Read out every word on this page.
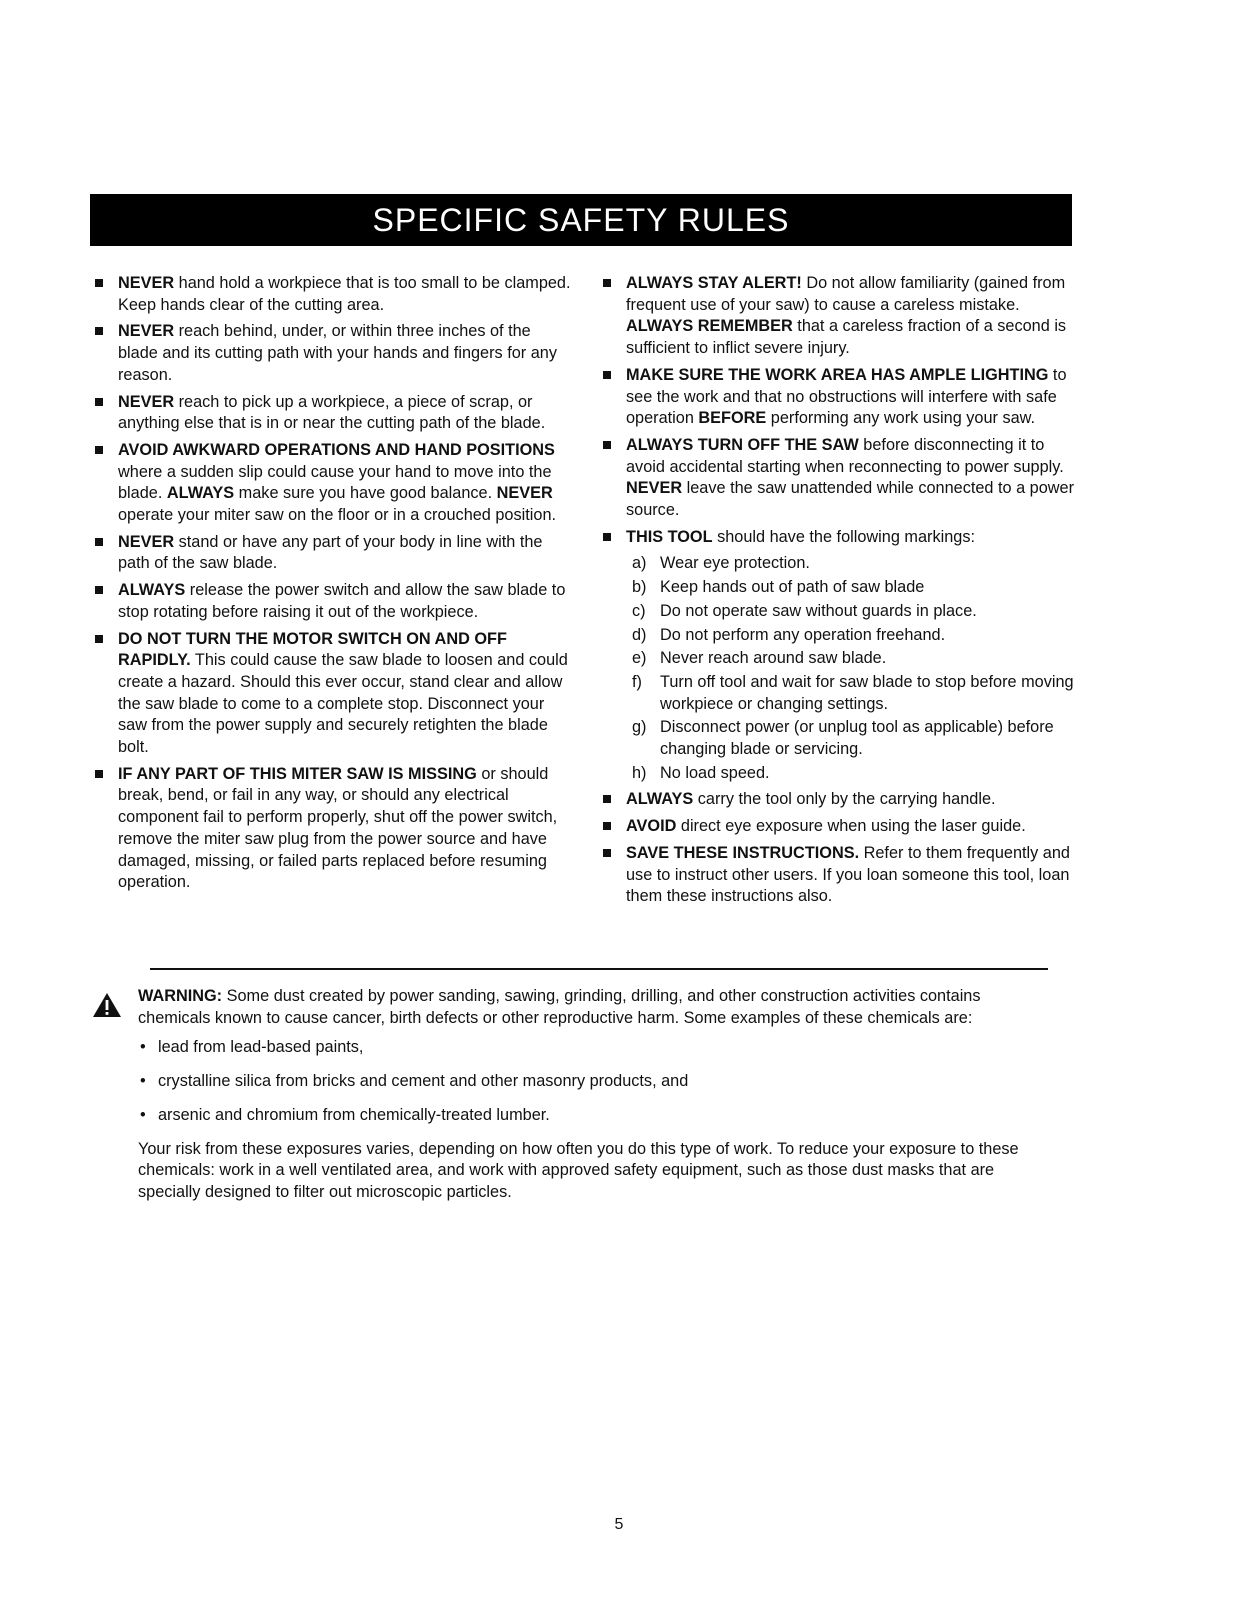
SPECIFIC SAFETY RULES
NEVER hand hold a workpiece that is too small to be clamped. Keep hands clear of the cutting area.
NEVER reach behind, under, or within three inches of the blade and its cutting path with your hands and fingers for any reason.
NEVER reach to pick up a workpiece, a piece of scrap, or anything else that is in or near the cutting path of the blade.
AVOID AWKWARD OPERATIONS AND HAND POSITIONS where a sudden slip could cause your hand to move into the blade. ALWAYS make sure you have good balance. NEVER operate your miter saw on the floor or in a crouched position.
NEVER stand or have any part of your body in line with the path of the saw blade.
ALWAYS release the power switch and allow the saw blade to stop rotating before raising it out of the workpiece.
DO NOT TURN THE MOTOR SWITCH ON AND OFF RAPIDLY. This could cause the saw blade to loosen and could create a hazard. Should this ever occur, stand clear and allow the saw blade to come to a complete stop. Disconnect your saw from the power supply and securely retighten the blade bolt.
IF ANY PART OF THIS MITER SAW IS MISSING or should break, bend, or fail in any way, or should any electrical component fail to perform properly, shut off the power switch, remove the miter saw plug from the power source and have damaged, missing, or failed parts replaced before resuming operation.
ALWAYS STAY ALERT! Do not allow familiarity (gained from frequent use of your saw) to cause a careless mistake. ALWAYS REMEMBER that a careless fraction of a second is sufficient to inflict severe injury.
MAKE SURE THE WORK AREA HAS AMPLE LIGHTING to see the work and that no obstructions will interfere with safe operation BEFORE performing any work using your saw.
ALWAYS TURN OFF THE SAW before disconnecting it to avoid accidental starting when reconnecting to power supply. NEVER leave the saw unattended while connected to a power source.
THIS TOOL should have the following markings:
a) Wear eye protection.
b) Keep hands out of path of saw blade
c) Do not operate saw without guards in place.
d) Do not perform any operation freehand.
e) Never reach around saw blade.
f) Turn off tool and wait for saw blade to stop before moving workpiece or changing settings.
g) Disconnect power (or unplug tool as applicable) before changing blade or servicing.
h) No load speed.
ALWAYS carry the tool only by the carrying handle.
AVOID direct eye exposure when using the laser guide.
SAVE THESE INSTRUCTIONS. Refer to them frequently and use to instruct other users. If you loan someone this tool, loan them these instructions also.
WARNING: Some dust created by power sanding, sawing, grinding, drilling, and other construction activities contains chemicals known to cause cancer, birth defects or other reproductive harm. Some examples of these chemicals are:
• lead from lead-based paints,
• crystalline silica from bricks and cement and other masonry products, and
• arsenic and chromium from chemically-treated lumber.
Your risk from these exposures varies, depending on how often you do this type of work. To reduce your exposure to these chemicals: work in a well ventilated area, and work with approved safety equipment, such as those dust masks that are specially designed to filter out microscopic particles.
5
